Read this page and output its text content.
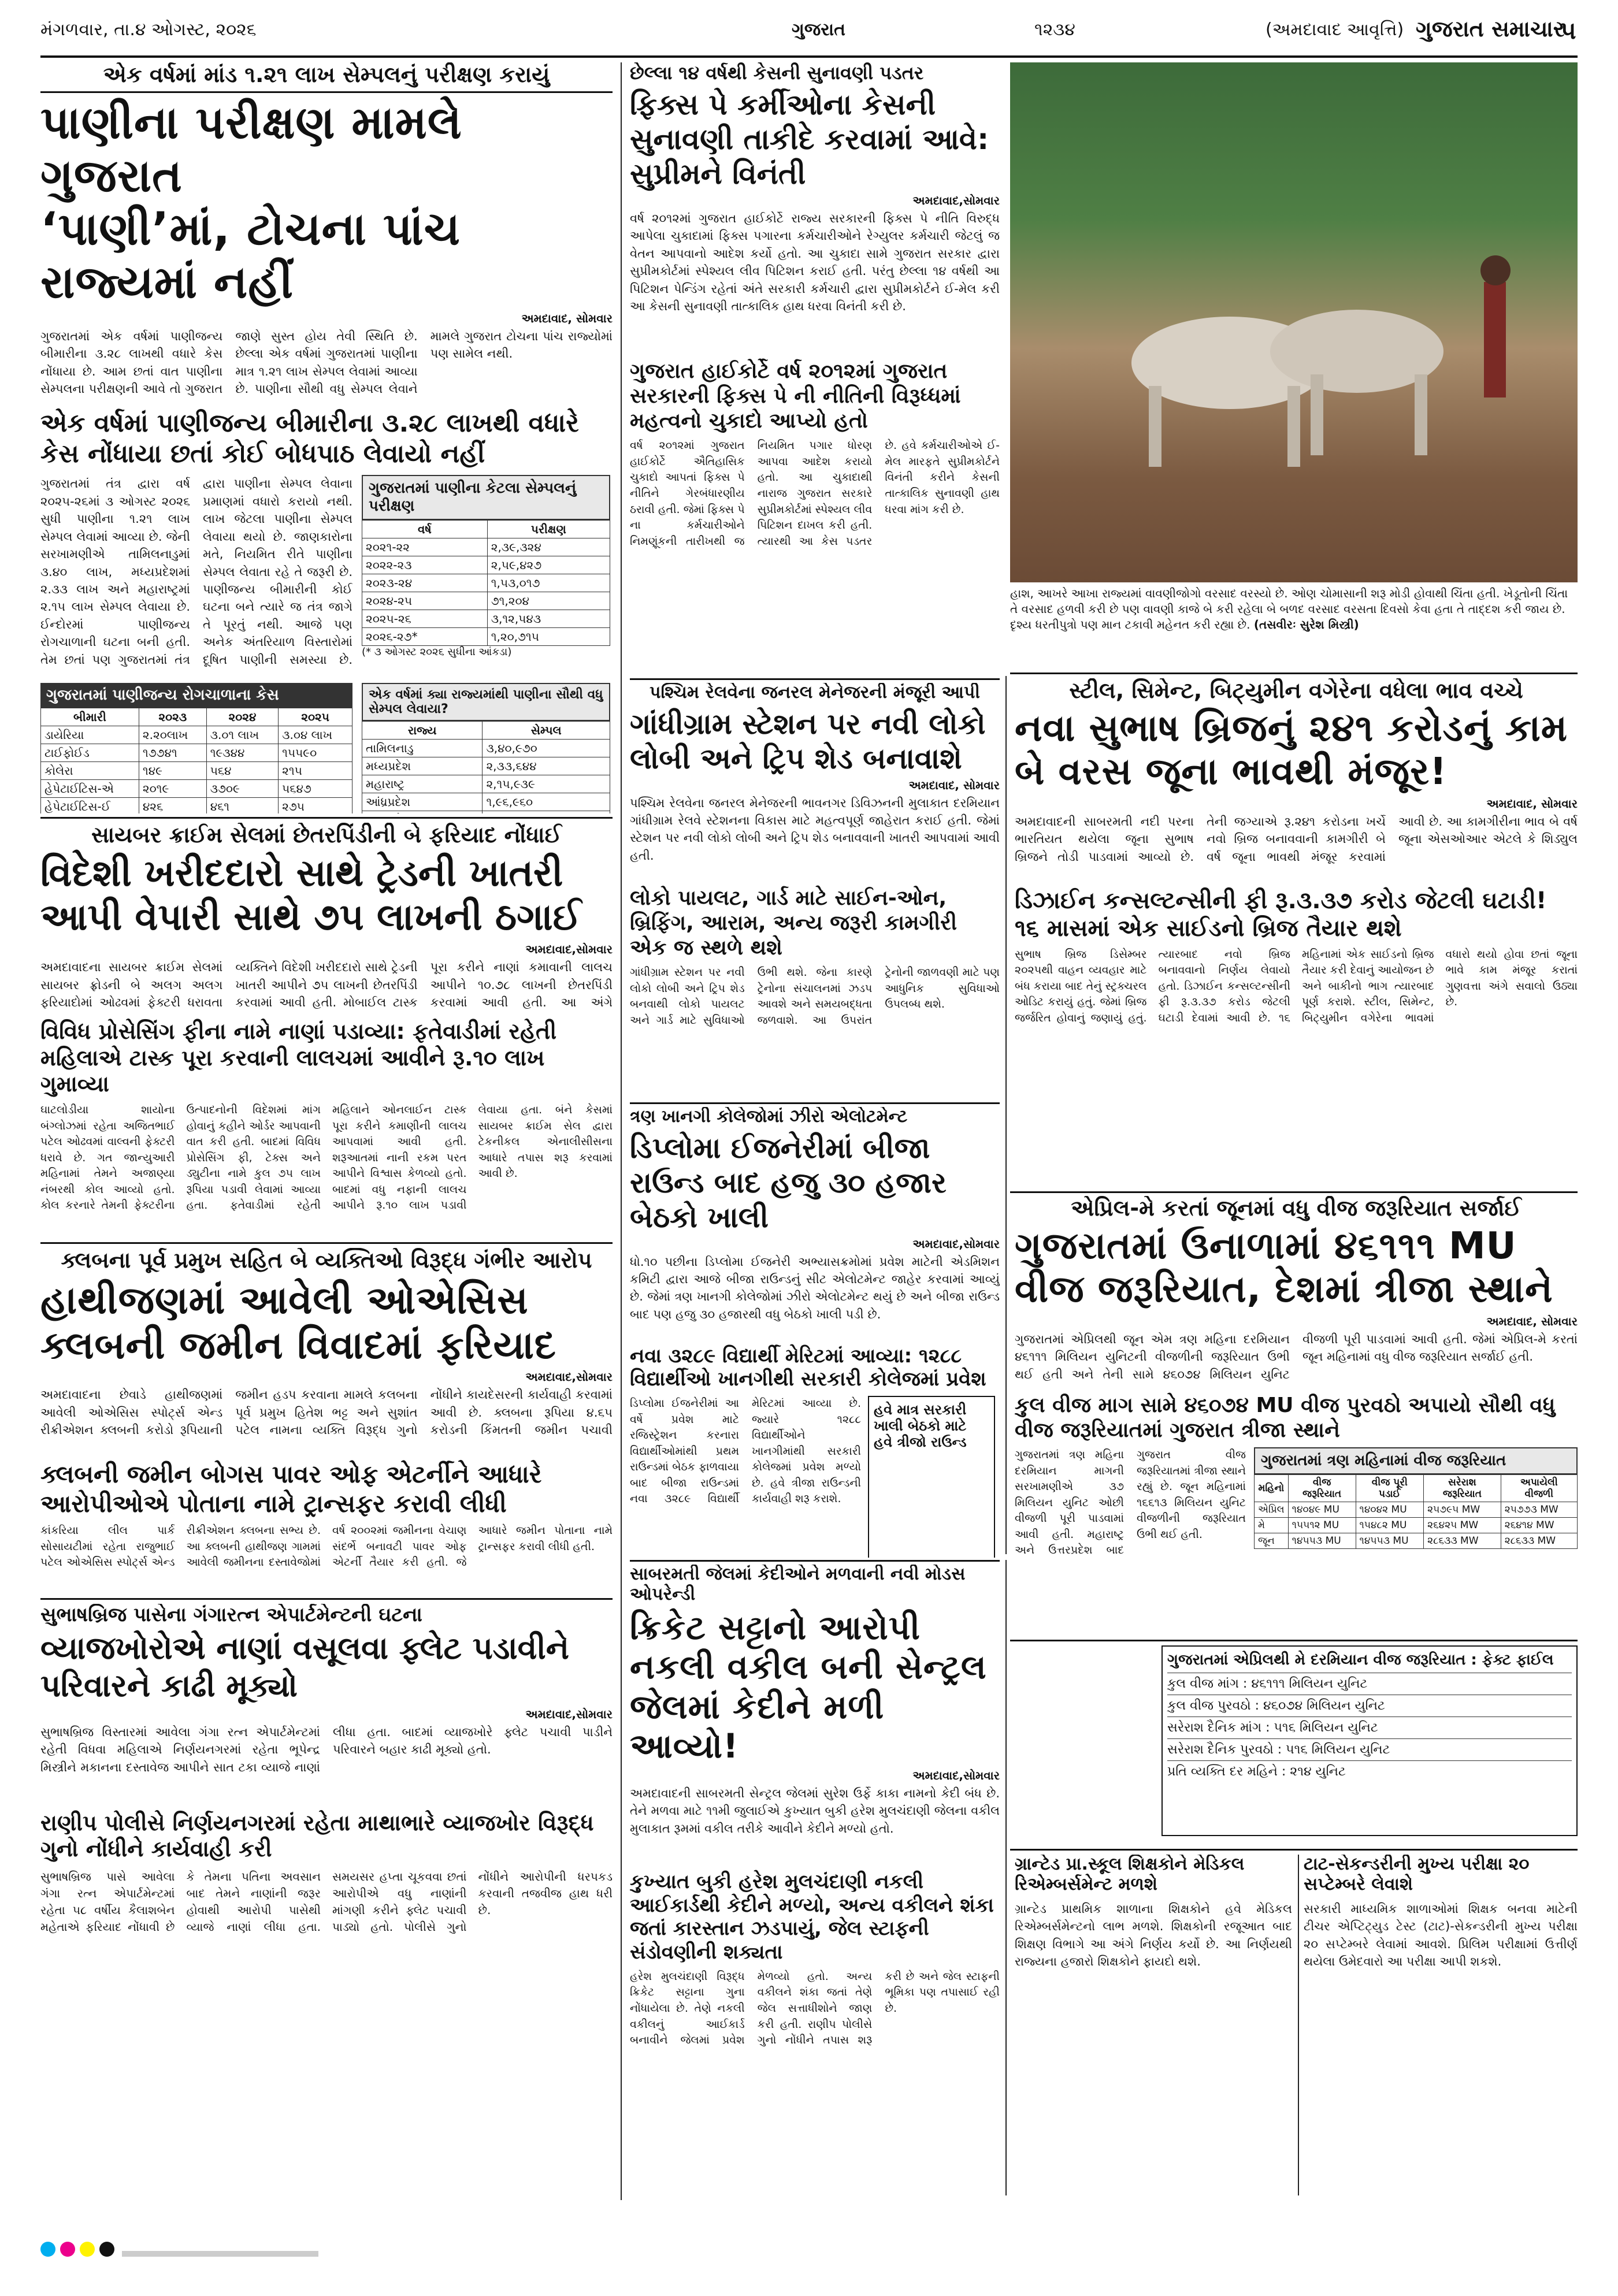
મંગળવાર, તા.૪ ઓગસ્ટ, ૨૦૨૬	ગુજરાત	૧૨૩૪	(અમદાવાદ આવૃત્તિ) ગુજરાત સમાચાર
૫
એક વર્ષમાં માંડ ૧.૨૧ લાખ સેમ્પલનું પરીક્ષણ કરાયું
પાણીના પરીક્ષણ મામલે ગુજરાત
‘પાણી’માં, ટોચના પાંચ રાજ્યમાં નહીં
અમદાવાદ, સોમવાર
ગુજરાતમાં એક વર્ષમાં પાણીજન્ય બીમારીના ૩.૨૮ લાખથી વધારે કેસ નોંધાયા છે. આમ છતાં વાત પાણીના સેમ્પલના પરીક્ષણની આવે તો ગુજરાત જાણે સુસ્ત હોય તેવી સ્થિતિ છે. છેલ્લા એક વર્ષમાં ગુજરાતમાં પાણીના માત્ર ૧.૨૧ લાખ સેમ્પલ લેવામાં આવ્યા છે. પાણીના સૌથી વધુ સેમ્પલ લેવાને મામલે ગુજરાત ટોચના પાંચ રાજ્યોમાં પણ સામેલ નથી.
એક વર્ષમાં પાણીજન્ય બીમારીના ૩.૨૮ લાખથી વધારે કેસ નોંધાયા છતાં કોઈ બોધપાઠ લેવાયો નહીં
ગુજરાતમાં તંત્ર દ્વારા વર્ષ ૨૦૨૫-૨૬માં ૩ ઓગસ્ટ ૨૦૨૬ સુધી પાણીના ૧.૨૧ લાખ સેમ્પલ લેવામાં આવ્યા છે. જેની સરખામણીએ તામિલનાડુમાં ૩.૪૦ લાખ, મધ્યપ્રદેશમાં ૨.૩૩ લાખ અને મહારાષ્ટ્રમાં ૨.૧૫ લાખ સેમ્પલ લેવાયા છે. ઈન્દોરમાં પાણીજન્ય રોગચાળાની ઘટના બની હતી. તેમ છતાં પણ ગુજરાતમાં તંત્ર દ્વારા પાણીના સેમ્પલ લેવાના પ્રમાણમાં વધારો કરાયો નથી. લાખ જેટલા પાણીના સેમ્પલ લેવાયા થયો છે. જાણકારોના મતે, નિયમિત રીતે પાણીના સેમ્પલ લેવાતા રહે તે જરૂરી છે. પાણીજન્ય બીમારીની કોઈ ઘટના બને ત્યારે જ તંત્ર જાગે તે પૂરતું નથી. આજે પણ અનેક અંતરિયાળ વિસ્તારોમાં દૂષિત પાણીની સમસ્યા છે.
ગુજરાતમાં પાણીના કેટલા સેમ્પલનું પરીક્ષણ
વર્ષ	પરીક્ષણ
૨૦૨૧-૨૨	૨,૩૯,૩૨૪
૨૦૨૨-૨૩	૨,૫૯,૪૨૭
૨૦૨૩-૨૪	૧,૫૩,૦૧૭
૨૦૨૪-૨૫	૭૧,૨૦૪
૨૦૨૫-૨૬	૩,૧૨,૫૪૩
૨૦૨૬-૨૭*	૧,૨૦,૭૧૫
(* ૩ ઓગસ્ટ ૨૦૨૬ સુધીના આંકડા)
ગુજરાતમાં પાણીજન્ય રોગચાળાના કેસ
બીમારી	૨૦૨૩	૨૦૨૪	૨૦૨૫
ડાયેરિયા	૨.૨૦લાખ	૩.૦૧ લાખ	૩.૦૪ લાખ
ટાઈફોઈડ	૧૭૭૪૧	૧૯૩૪૪	૧૫૫૯૦
કોલેરા	૧૪૯	૫૬૪	૨૧૫
હેપેટાઈટિસ-એ	૨૦૧૯	૩૭૦૯	૫૬૪૭
હેપેટાઈટિસ-ઈ	૪૨૬	૪૬૧	૨૭૫
એક વર્ષમાં ક્યા રાજ્યમાંથી પાણીના સૌથી વધુ સેમ્પલ લેવાયા?
રાજ્ય	સેમ્પલ
તામિલનાડુ	૩,૪૦,૯૭૦
મધ્યપ્રદેશ	૨,૩૩,૬૪૪
મહારાષ્ટ્ર	૨,૧૫,૯૩૯
આંધ્રપ્રદેશ	૧,૯૬,૯૬૦

સાયબર ક્રાઈમ સેલમાં છેતરપિંડીની બે ફરિયાદ નોંધાઈ
વિદેશી ખરીદદારો સાથે ટ્રેડની ખાતરી આપી વેપારી સાથે ૭૫ લાખની ઠગાઈ
અમદાવાદ,સોમવાર
અમદાવાદના સાયબર ક્રાઈમ સેલમાં સાયબર ફ્રોડની બે અલગ અલગ ફરિયાદોમાં ઓઢવમાં ફેક્ટરી ધરાવતા વ્યક્તિને વિદેશી ખરીદદારો સાથે ટ્રેડની ખાતરી આપીને ૭૫ લાખની છેતરપિંડી કરવામાં આવી હતી. મોબાઈલ ટાસ્ક પૂરા કરીને નાણાં કમાવાની લાલચ આપીને ૧૦.૭૮ લાખની છેતરપિંડી કરવામાં આવી હતી. આ અંગે
વિવિધ પ્રોસેસિંગ ફીના નામે નાણાં પડાવ્યા: ફતેવાડીમાં રહેતી મહિલાએ ટાસ્ક પૂરા કરવાની લાલચમાં આવીને રૂ.૧૦ લાખ ગુમાવ્યા
ઘાટલોડીયા શાયોના બંગ્લોઝમાં રહેતા અજિતભાઈ પટેલ ઓઢવમાં વાલ્વની ફેક્ટરી ધરાવે છે. ગત જાન્યુઆરી મહિનામાં તેમને અજાણ્યા નંબરથી કોલ આવ્યો હતો. કોલ કરનારે તેમની ફેક્ટરીના ઉત્પાદનોની વિદેશમાં માંગ હોવાનું કહીને ઓર્ડર આપવાની વાત કરી હતી. બાદમાં વિવિધ પ્રોસેસિંગ ફી, ટેક્સ અને ડ્યુટીના નામે કુલ ૭૫ લાખ રૂપિયા પડાવી લેવામાં આવ્યા હતા. ફતેવાડીમાં રહેતી મહિલાને ઓનલાઈન ટાસ્ક પૂરા કરીને કમાણીની લાલચ આપવામાં આવી હતી. શરૂઆતમાં નાની રકમ પરત આપીને વિશ્વાસ કેળવ્યો હતો. બાદમાં વધુ નફાની લાલચ આપીને રૂ.૧૦ લાખ પડાવી લેવાયા હતા. બંને કેસમાં સાયબર ક્રાઈમ સેલ દ્વારા ટેકનીકલ એનાલીસીસના આધારે તપાસ શરૂ કરવામાં આવી છે.
ક્લબના પૂર્વ પ્રમુખ સહિત બે વ્યક્તિઓ વિરૂદ્ધ ગંભીર આરોપ
હાથીજણમાં આવેલી ઓએસિસ ક્લબની જમીન વિવાદમાં ફરિયાદ
અમદાવાદ,સોમવાર
અમદાવાદના છેવાડે હાથીજણમાં આવેલી ઓએસિસ સ્પોર્ટ્સ એન્ડ રીક્રીએશન ક્લબની કરોડો રૂપિયાની જમીન હડપ કરવાના મામલે કલબના પૂર્વ પ્રમુખ હિતેશ ભટ્ટ અને સુશાંત પટેલ નામના વ્યક્તિ વિરૂદ્ધ ગુનો નોંધીને કાયદેસરની કાર્યવાહી કરવામાં આવી છે. ક્લબના રૂપિયા ૪.૬૫ કરોડની કિંમતની જમીન પચાવી
ક્લબની જમીન બોગસ પાવર ઓફ એટર્નીને આધારે આરોપીઓએ પોતાના નામે ટ્રાન્સફર કરાવી લીધી
કાંકરિયા લીલ પાર્ક સોસાયટીમાં રહેતા રાજુભાઈ પટેલ ઓએસિસ સ્પોર્ટ્સ એન્ડ રીક્રીએશન ક્લબના સભ્ય છે. આ ક્લબની હાથીજણ ગામમાં આવેલી જમીનના દસ્તાવેજોમાં વર્ષ ૨૦૦૨માં જમીનના વેચાણ સંદર્ભે બનાવટી પાવર ઓફ એટર્ની તૈયાર કરી હતી. જે આધારે જમીન પોતાના નામે ટ્રાન્સફર કરાવી લીધી હતી.
સુભાષબ્રિજ પાસેના ગંગારત્ન એપાર્ટમેન્ટની ઘટના
વ્યાજખોરોએ નાણાં વસૂલવા ફ્લેટ પડાવીને પરિવારને કાઢી મૂક્યો
અમદાવાદ,સોમવાર
સુભાષબ્રિજ વિસ્તારમાં આવેલા ગંગા રત્ન એપાર્ટમેન્ટમાં રહેતી વિધવા મહિલાએ નિર્ણયનગરમાં રહેતા ભૂપેન્દ્ર મિસ્ત્રીને મકાનના દસ્તાવેજ આપીને સાત ટકા વ્યાજે નાણાં લીધા હતા. બાદમાં વ્યાજખોરે ફ્લેટ પચાવી પાડીને પરિવારને બહાર કાઢી મૂક્યો હતો.
રાણીપ પોલીસે નિર્ણયનગરમાં રહેતા માથાભારે વ્યાજખોર વિરૂદ્ધ ગુનો નોંધીને કાર્યવાહી કરી
સુભાષબ્રિજ પાસે આવેલા ગંગા રત્ન એપાર્ટમેન્ટમાં રહેતા ૫૮ વર્ષીય કૈલાશબેન મહેતાએ ફરિયાદ નોંધાવી છે કે તેમના પતિના અવસાન બાદ તેમને નાણાંની જરૂર હોવાથી આરોપી પાસેથી વ્યાજે નાણાં લીધા હતા. સમયસર હપ્તા ચૂકવવા છતાં આરોપીએ વધુ નાણાંની માંગણી કરીને ફ્લેટ પચાવી પાડ્યો હતો. પોલીસે ગુનો નોંધીને આરોપીની ધરપકડ કરવાની તજવીજ હાથ ધરી છે.
છેલ્લા ૧૪ વર્ષથી કેસની સુનાવણી પડતર
ફિક્સ પે કર્મીઓના કેસની સુનાવણી તાકીદે કરવામાં આવે: સુપ્રીમને વિનંતી
અમદાવાદ,સોમવાર
વર્ષ ૨૦૧૨માં ગુજરાત હાઈકોર્ટે રાજ્ય સરકારની ફિક્સ પે નીતિ વિરુદ્ધ આપેલા ચુકાદામાં ફિક્સ પગારના કર્મચારીઓને રેગ્યુલર કર્મચારી જેટલું જ વેતન આપવાનો આદેશ કર્યો હતો. આ ચુકાદા સામે ગુજરાત સરકાર દ્વારા સુપ્રીમકોર્ટમાં સ્પેશ્યલ લીવ પિટિશન કરાઈ હતી. પરંતુ છેલ્લા ૧૪ વર્ષથી આ પિટિશન પેન્ડિંગ રહેતાં અંતે સરકારી કર્મચારી દ્વારા સુપ્રીમકોર્ટને ઈ-મેલ કરી આ કેસની સુનાવણી તાત્કાલિક હાથ ધરવા વિનંતી કરી છે.
ગુજરાત હાઈકોર્ટે વર્ષ ૨૦૧૨માં ગુજરાત સરકારની ફિક્સ પે ની નીતિની વિરૂધ્ધમાં મહત્વનો ચુકાદો આપ્યો હતો
વર્ષ ૨૦૧૨માં ગુજરાત હાઈકોર્ટે ઐતિહાસિક ચુકાદો આપતાં ફિક્સ પે નીતિને ગેરબંધારણીય ઠરાવી હતી. જેમાં ફિક્સ પે ના કર્મચારીઓને નિમણૂંકની તારીખથી જ નિયમિત પગાર ધોરણ આપવા આદેશ કરાયો હતો. આ ચુકાદાથી નારાજ ગુજરાત સરકારે સુપ્રીમકોર્ટમાં સ્પેશ્યલ લીવ પિટિશન દાખલ કરી હતી. ત્યારથી આ કેસ પડતર છે. હવે કર્મચારીઓએ ઈ-મેલ મારફતે સુપ્રીમકોર્ટને વિનંતી કરીને કેસની તાત્કાલિક સુનાવણી હાથ ધરવા માંગ કરી છે.
હાશ, આખરે આખા રાજ્યમાં વાવણીજોગો વરસાદ વરસ્યો છે. ઓણ ચોમાસાની શરૂ મોડી હોવાથી ચિંતા હતી. ખેડૂતોની ચિંતા તે વરસાદ હળવી કરી છે પણ વાવણી કાજે બે કરી રહેલા બે બળદ વરસાદ વરસતા દિવસો કેવા હતા તે તાદ્દશ કરી જાય છે. દૃશ્ય ધરતીપુત્રો પણ માન ટકાવી મહેનત કરી રહ્યા છે. (તસવીરઃ સુરેશ મિસ્ત્રી)
પશ્ચિમ રેલવેના જનરલ મેનેજરની મંજૂરી આપી
ગાંધીગ્રામ સ્ટેશન પર નવી લોકો લોબી અને ટ્રિપ શેડ બનાવાશે
અમદાવાદ, સોમવાર
પશ્ચિમ રેલવેના જનરલ મેનેજરની ભાવનગર ડિવિઝનની મુલાકાત દરમિયાન ગાંધીગ્રામ રેલવે સ્ટેશનના વિકાસ માટે મહત્વપૂર્ણ જાહેરાત કરાઈ હતી. જેમાં સ્ટેશન પર નવી લોકો લોબી અને ટ્રિપ શેડ બનાવવાની ખાતરી આપવામાં આવી હતી.
લોકો પાયલટ, ગાર્ડ માટે સાઈન-ઓન, બ્રિફિંગ, આરામ, અન્ય જરૂરી કામગીરી એક જ સ્થળે થશે
ગાંધીગ્રામ સ્ટેશન પર નવી લોકો લોબી અને ટ્રિપ શેડ બનવાથી લોકો પાયલટ અને ગાર્ડ માટે સુવિધાઓ ઉભી થશે. જેના કારણે ટ્રેનોના સંચાલનમાં ઝડપ આવશે અને સમયબદ્ધતા જળવાશે. આ ઉપરાંત ટ્રેનોની જાળવણી માટે પણ આધુનિક સુવિધાઓ ઉપલબ્ધ થશે.
ત્રણ ખાનગી કોલેજોમાં ઝીરો એલોટમેન્ટ
ડિપ્લોમા ઈજનેરીમાં બીજા રાઉન્ડ બાદ હજુ ૩૦ હજાર બેઠકો ખાલી
અમદાવાદ,સોમવાર
ધો.૧૦ પછીના ડિપ્લોમા ઈજનેરી અભ્યાસક્રમોમાં પ્રવેશ માટેની એડમિશન કમિટી દ્વારા આજે બીજા રાઉન્ડનું સીટ એલોટમેન્ટ જાહેર કરવામાં આવ્યું છે. જેમાં ત્રણ ખાનગી કોલેજોમાં ઝીરો એલોટમેન્ટ થયું છે અને બીજા રાઉન્ડ બાદ પણ હજુ ૩૦ હજારથી વધુ બેઠકો ખાલી પડી છે.
નવા ૩૨૮૯ વિદ્યાર્થી મેરિટમાં આવ્યા: ૧૨૮૮ વિદ્યાર્થીઓ ખાનગીથી સરકારી કોલેજમાં પ્રવેશ
ડિપ્લોમા ઈજનેરીમાં આ વર્ષે પ્રવેશ માટે રજિસ્ટ્રેશન કરનારા વિદ્યાર્થીઓમાંથી પ્રથમ રાઉન્ડમાં બેઠક ફાળવાયા બાદ બીજા રાઉન્ડમાં નવા ૩૨૮૯ વિદ્યાર્થી મેરિટમાં આવ્યા છે. જ્યારે ૧૨૮૮ વિદ્યાર્થીઓને ખાનગીમાંથી સરકારી કોલેજમાં પ્રવેશ મળ્યો છે. હવે ત્રીજા રાઉન્ડની કાર્યવાહી શરૂ કરાશે.
હવે માત્ર સરકારી ખાલી બેઠકો માટે હવે ત્રીજો રાઉન્ડ
સ્ટીલ, સિમેન્ટ, બિટ્યુમીન વગેરેના વધેલા ભાવ વચ્ચે
નવા સુભાષ બ્રિજનું ૨૪૧ કરોડનું કામ બે વરસ જૂના ભાવથી મંજૂર!
અમદાવાદ, સોમવાર
અમદાવાદની સાબરમતી નદી પરના ભારતિયત થયેલા જૂના સુભાષ બ્રિજને તોડી પાડવામાં આવ્યો છે. તેની જગ્યાએ રૂ.૨૪૧ કરોડના ખર્ચે નવો બ્રિજ બનાવવાની કામગીરી બે વર્ષ જૂના ભાવથી મંજૂર કરવામાં આવી છે. આ કામગીરીના ભાવ બે વર્ષ જૂના એસઓઆર એટલે કે શિડ્યુલ
ડિઝાઈન કન્સલ્ટન્સીની ફી રૂ.૩.૩૭ કરોડ જેટલી ઘટાડી! ૧૬ માસમાં એક સાઈડનો બ્રિજ તૈયાર થશે
સુભાષ બ્રિજ ડિસેમ્બર ૨૦૨૫થી વાહન વ્યવહાર માટે બંધ કરાયા બાદ તેનું સ્ટ્રક્ચરલ ઓડિટ કરાયું હતું. જેમાં બ્રિજ જર્જરિત હોવાનું જણાયું હતું. ત્યારબાદ નવો બ્રિજ બનાવવાનો નિર્ણય લેવાયો હતો. ડિઝાઈન કન્સલ્ટન્સીની ફી રૂ.૩.૩૭ કરોડ જેટલી ઘટાડી દેવામાં આવી છે. ૧૬ મહિનામાં એક સાઈડનો બ્રિજ તૈયાર કરી દેવાનું આયોજન છે અને બાકીનો ભાગ ત્યારબાદ પૂર્ણ કરાશે. સ્ટીલ, સિમેન્ટ, બિટ્યુમીન વગેરેના ભાવમાં વધારો થયો હોવા છતાં જૂના ભાવે કામ મંજૂર કરાતાં ગુણવત્તા અંગે સવાલો ઉઠ્યા છે.
એપ્રિલ-મે કરતાં જૂનમાં વધુ વીજ જરૂરિયાત સર્જાઈ
ગુજરાતમાં ઉનાળામાં ૪૬૧૧૧ MU વીજ જરૂરિયાત, દેશમાં ત્રીજા સ્થાને
અમદાવાદ, સોમવાર
ગુજરાતમાં એપ્રિલથી જૂન એમ ત્રણ મહિના દરમિયાન ૪૬૧૧૧ મિલિયન યુનિટની વીજળીની જરૂરિયાત ઉભી થઈ હતી અને તેની સામે ૪૬૦૭૪ મિલિયન યુનિટ વીજળી પૂરી પાડવામાં આવી હતી. જેમાં એપ્રિલ-મે કરતાં જૂન મહિનામાં વધુ વીજ જરૂરિયાત સર્જાઈ હતી.
કુલ વીજ માગ સામે ૪૬૦૭૪ MU વીજ પુરવઠો અપાયો સૌથી વધુ વીજ જરૂરિયાતમાં ગુજરાત ત્રીજા સ્થાને
ગુજરાતમાં ત્રણ મહિના દરમિયાન માગની સરખામણીએ ૩૭ મિલિયન યુનિટ ઓછી વીજળી પૂરી પાડવામાં આવી હતી. મહારાષ્ટ્ર અને ઉત્તરપ્રદેશ બાદ ગુજરાત વીજ જરૂરિયાતમાં ત્રીજા સ્થાને રહ્યું છે. જૂન મહિનામાં ૧૬૬૧૩ મિલિયન યુનિટ વીજળીની જરૂરિયાત ઉભી થઈ હતી.
ગુજરાતમાં ત્રણ મહિનામાં વીજ જરૂરિયાત
મહિનો	વીજ જરૂરિયાત	વીજ પૂરી પડાઈ	સરેરાશ જરૂરિયાત	અપાયેલી વીજળી
એપ્રિલ	૧૪૦૪૯ MU	૧૪૦૪૨ MU	૨૫૭૯૫ MW	૨૫૭૭૩ MW
મે	૧૫૫૧૨ MU	૧૫૪૮૨ MU	૨૬૪૨૫ MW	૨૬૪૧૪ MW
જૂન	૧૪૫૫૩ MU	૧૪૫૫૩ MU	૨૮૬૩૩ MW	૨૮૬૩૩ MW
સાબરમતી જેલમાં કેદીઓને મળવાની નવી મોડસ ઓપરેન્ડી
ક્રિકેટ સટ્ટાનો આરોપી નકલી વકીલ બની સેન્ટ્રલ જેલમાં કેદીને મળી આવ્યો!
અમદાવાદ,સોમવાર
અમદાવાદની સાબરમતી સેન્ટ્રલ જેલમાં સુરેશ ઉર્ફે કાકા નામનો કેદી બંધ છે. તેને મળવા માટે ૧૧મી જુલાઈએ કુખ્યાત બુકી હરેશ મુલચંદાણી જેલના વકીલ મુલાકાત રૂમમાં વકીલ તરીકે આવીને કેદીને મળ્યો હતો.
કુખ્યાત બુકી હરેશ મુલચંદાણી નકલી આઈકાર્ડથી કેદીને મળ્યો, અન્ય વકીલને શંકા જતાં કારસ્તાન ઝડપાયું, જેલ સ્ટાફની સંડોવણીની શક્યતા
હરેશ મુલચંદાણી વિરૂદ્ધ ક્રિકેટ સટ્ટાના ગુના નોંધાયેલા છે. તેણે નકલી વકીલનું આઈકાર્ડ બનાવીને જેલમાં પ્રવેશ મેળવ્યો હતો. અન્ય વકીલને શંકા જતાં તેણે જેલ સત્તાધીશોને જાણ કરી હતી. રાણીપ પોલીસે ગુનો નોંધીને તપાસ શરૂ કરી છે અને જેલ સ્ટાફની ભૂમિકા પણ તપાસાઈ રહી છે.
ગુજરાતમાં એપ્રિલથી મે દરમિયાન વીજ જરૂરિયાત : ફેક્ટ ફાઈલ
કુલ વીજ માંગ : ૪૬૧૧૧ મિલિયન યુનિટ
કુલ વીજ પુરવઠો : ૪૬૦૭૪ મિલિયન યુનિટ
સરેરાશ દૈનિક માંગ : ૫૧૬ મિલિયન યુનિટ
સરેરાશ દૈનિક પુરવઠો : ૫૧૬ મિલિયન યુનિટ
પ્રતિ વ્યક્તિ દર મહિને : ૨૧૪ યુનિટ
ગ્રાન્ટેડ પ્રા.સ્કૂલ શિક્ષકોને મેડિકલ રિએમ્બર્સમેન્ટ મળશે
ગ્રાન્ટેડ પ્રાથમિક શાળાના શિક્ષકોને હવે મેડિકલ રિએમ્બર્સમેન્ટનો લાભ મળશે. શિક્ષકોની રજૂઆત બાદ શિક્ષણ વિભાગે આ અંગે નિર્ણય કર્યો છે. આ નિર્ણયથી રાજ્યના હજારો શિક્ષકોને ફાયદો થશે.
ટાટ-સેકન્ડરીની મુખ્ય પરીક્ષા ૨૦ સપ્ટેમ્બરે લેવાશે
સરકારી માધ્યમિક શાળાઓમાં શિક્ષક બનવા માટેની ટીચર એપ્ટિટ્યુડ ટેસ્ટ (ટાટ)-સેકન્ડરીની મુખ્ય પરીક્ષા ૨૦ સપ્ટેમ્બરે લેવામાં આવશે. પ્રિલિમ પરીક્ષામાં ઉત્તીર્ણ થયેલા ઉમેદવારો આ પરીક્ષા આપી શકશે.
